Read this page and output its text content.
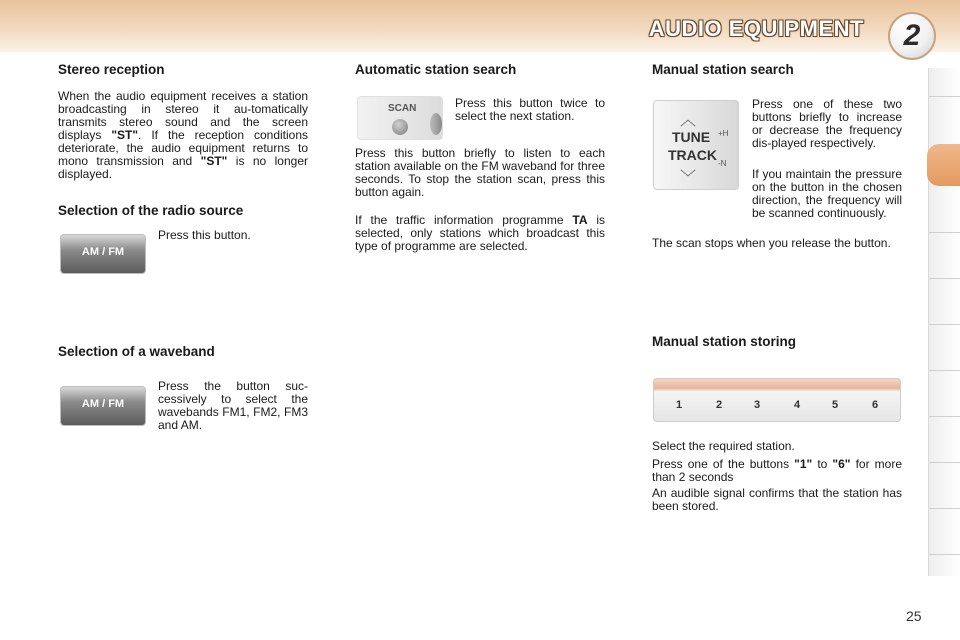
AUDIO EQUIPMENT	2
Stereo reception

When the audio equipment receives a station broadcasting in stereo it au-tomatically transmits stereo sound and the screen displays "ST". If the reception conditions deteriorate, the audio equipment returns to mono transmission and "ST" is no longer displayed.

Selection of the radio source
AM / FM

Press this button.

Selection of a waveband
AM / FM

Press the button suc-cessively to select the wavebands FM1, FM2, FM3 and AM.

Automatic station search
SCAN	Press this button twice to select the next station.

Press this button briefly to listen to each station available on the FM waveband for three seconds. To stop the station scan, press this button again.

If the traffic information programme TA is selected, only stations which broadcast this type of programme are selected.

Manual station search
︿
TUNE
TRACK
+H
-N
﹀

Press one of these two buttons briefly to increase or decrease the frequency dis-played respectively.

If you maintain the pressure on the button in the chosen direction, the frequency will be scanned continuously.

The scan stops when you release the button.

Manual station storing
1	2	3	4	5	6

Select the required station.

Press one of the buttons "1" to "6" for more than 2 seconds

An audible signal confirms that the station has been stored.

25
